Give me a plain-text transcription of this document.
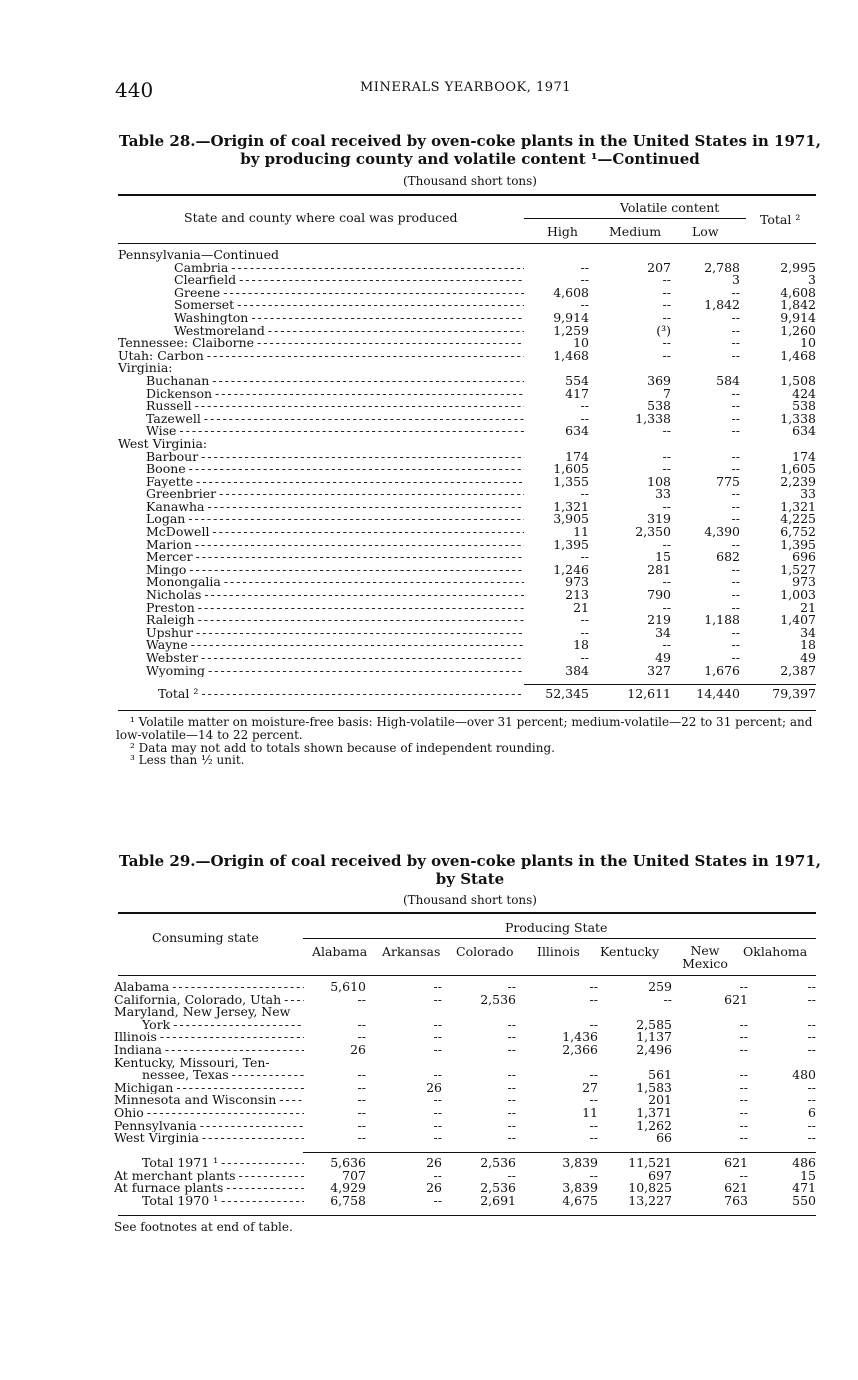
440	MINERALS YEARBOOK, 1971
Table 28.—Origin of coal received by oven-coke plants in the United States in 1971,
by producing county and volatile content ¹—Continued
(Thousand short tons)
State and county where coal was produced
Volatile content
High Medium Low
Total ²
Pennsylvania—Continued				
Cambria - - -	--	207	2,788	2,995
Clearfield - - -	--	--	3	3
Greene - - -	4,608	--	--	4,608
Somerset - - -	--	--	1,842	1,842
Washington - - -	9,914	--	--	9,914
Westmoreland - - -	1,259	(³)	--	1,260
Tennessee: Claiborne - - -	10	--	--	10
Utah: Carbon - - -	1,468	--	--	1,468
Virginia:				
Buchanan - - -	554	369	584	1,508
Dickenson - - -	417	7	--	424
Russell - - -	--	538	--	538
Tazewell - - -	--	1,338	--	1,338
Wise - - -	634	--	--	634
West Virginia:				
Barbour - - -	174	--	--	174
Boone - - -	1,605	--	--	1,605
Fayette - - -	1,355	108	775	2,239
Greenbrier - - -	--	33	--	33
Kanawha - - -	1,321	--	--	1,321
Logan - - -	3,905	319	--	4,225
McDowell - - -	11	2,350	4,390	6,752
Marion - - -	1,395	--	--	1,395
Mercer - - -	--	15	682	696
Mingo - - -	1,246	281	--	1,527
Monongalia - - -	973	--	--	973
Nicholas - - -	213	790	--	1,003
Preston - - -	21	--	--	21
Raleigh - - -	--	219	1,188	1,407
Upshur - - -	--	34	--	34
Wayne - - -	18	--	--	18
Webster - - -	--	49	--	49
Wyoming - - -	384	327	1,676	2,387
Total ² - - -	52,345	12,611	14,440	79,397
¹ Volatile matter on moisture-free basis: High-volatile—over 31 percent; medium-volatile—22 to 31 percent; and low-volatile—14 to 22 percent.
² Data may not add to totals shown because of independent rounding.
³ Less than ½ unit.
Table 29.—Origin of coal received by oven-coke plants in the United States in 1971,
by State
(Thousand short tons)
Consuming state
Producing State
Alabama Arkansas Colorado Illinois Kentucky	New Mexico
Oklahoma
Alabama - - -	5,610	--	--	--	259	--	--
California, Colorado, Utah - - -	--	--	2,536	--	--	621	--
Maryland, New Jersey, New							
York - - -	--	--	--	--	2,585	--	--
Illinois - - -	--	--	--	1,436	1,137	--	--
Indiana - - -	26	--	--	2,366	2,496	--	--
Kentucky, Missouri, Ten-							
nessee, Texas - - -	--	--	--	--	561	--	480
Michigan - - -	--	26	--	27	1,583	--	--
Minnesota and Wisconsin - - -	--	--	--	--	201	--	--
Ohio - - -	--	--	--	11	1,371	--	6
Pennsylvania - - -	--	--	--	--	1,262	--	--
West Virginia - - -	--	--	--	--	66	--	--
Total 1971 ¹ - - -	5,636	26	2,536	3,839	11,521	621	486
At merchant plants - - -	707	--	--	--	697	--	15
At furnace plants - - -	4,929	26	2,536	3,839	10,825	621	471
Total 1970 ¹ - - -	6,758	--	2,691	4,675	13,227	763	550
See footnotes at end of table.
